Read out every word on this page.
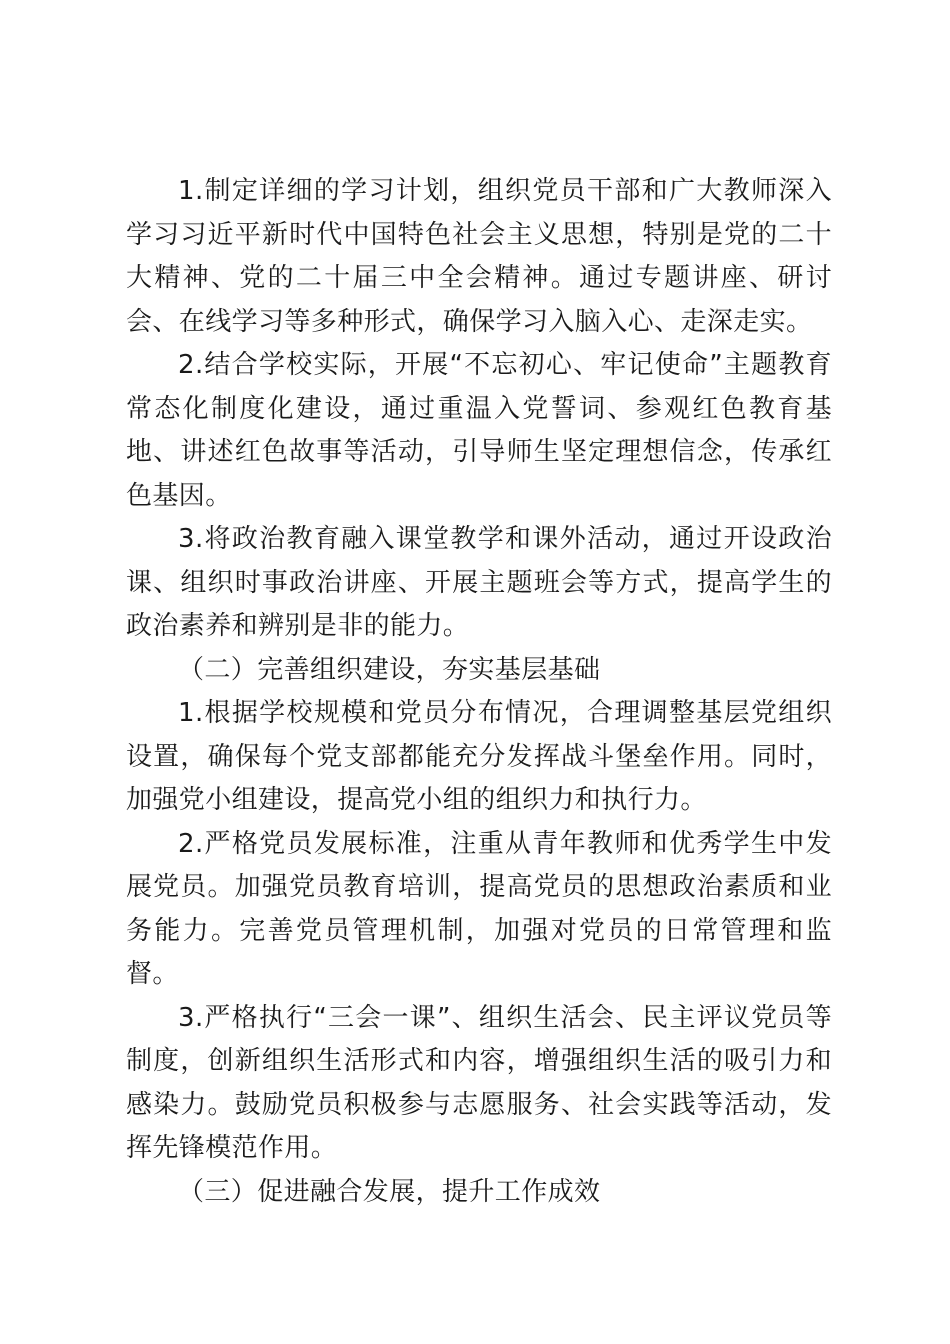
1.制定详细的学习计划，组织党员干部和广大教师深入学习习近平新时代中国特色社会主义思想，特别是党的二十大精神、党的二十届三中全会精神。通过专题讲座、研讨会、在线学习等多种形式，确保学习入脑入心、走深走实。

2.结合学校实际，开展“不忘初心、牢记使命”主题教育常态化制度化建设，通过重温入党誓词、参观红色教育基地、讲述红色故事等活动，引导师生坚定理想信念，传承红色基因。

3.将政治教育融入课堂教学和课外活动，通过开设政治课、组织时事政治讲座、开展主题班会等方式，提高学生的政治素养和辨别是非的能力。

（二）完善组织建设，夯实基层基础

1.根据学校规模和党员分布情况，合理调整基层党组织设置，确保每个党支部都能充分发挥战斗堡垒作用。同时，加强党小组建设，提高党小组的组织力和执行力。

2.严格党员发展标准，注重从青年教师和优秀学生中发展党员。加强党员教育培训，提高党员的思想政治素质和业务能力。完善党员管理机制，加强对党员的日常管理和监督。

3.严格执行“三会一课”、组织生活会、民主评议党员等制度，创新组织生活形式和内容，增强组织生活的吸引力和感染力。鼓励党员积极参与志愿服务、社会实践等活动，发挥先锋模范作用。

（三）促进融合发展，提升工作成效
